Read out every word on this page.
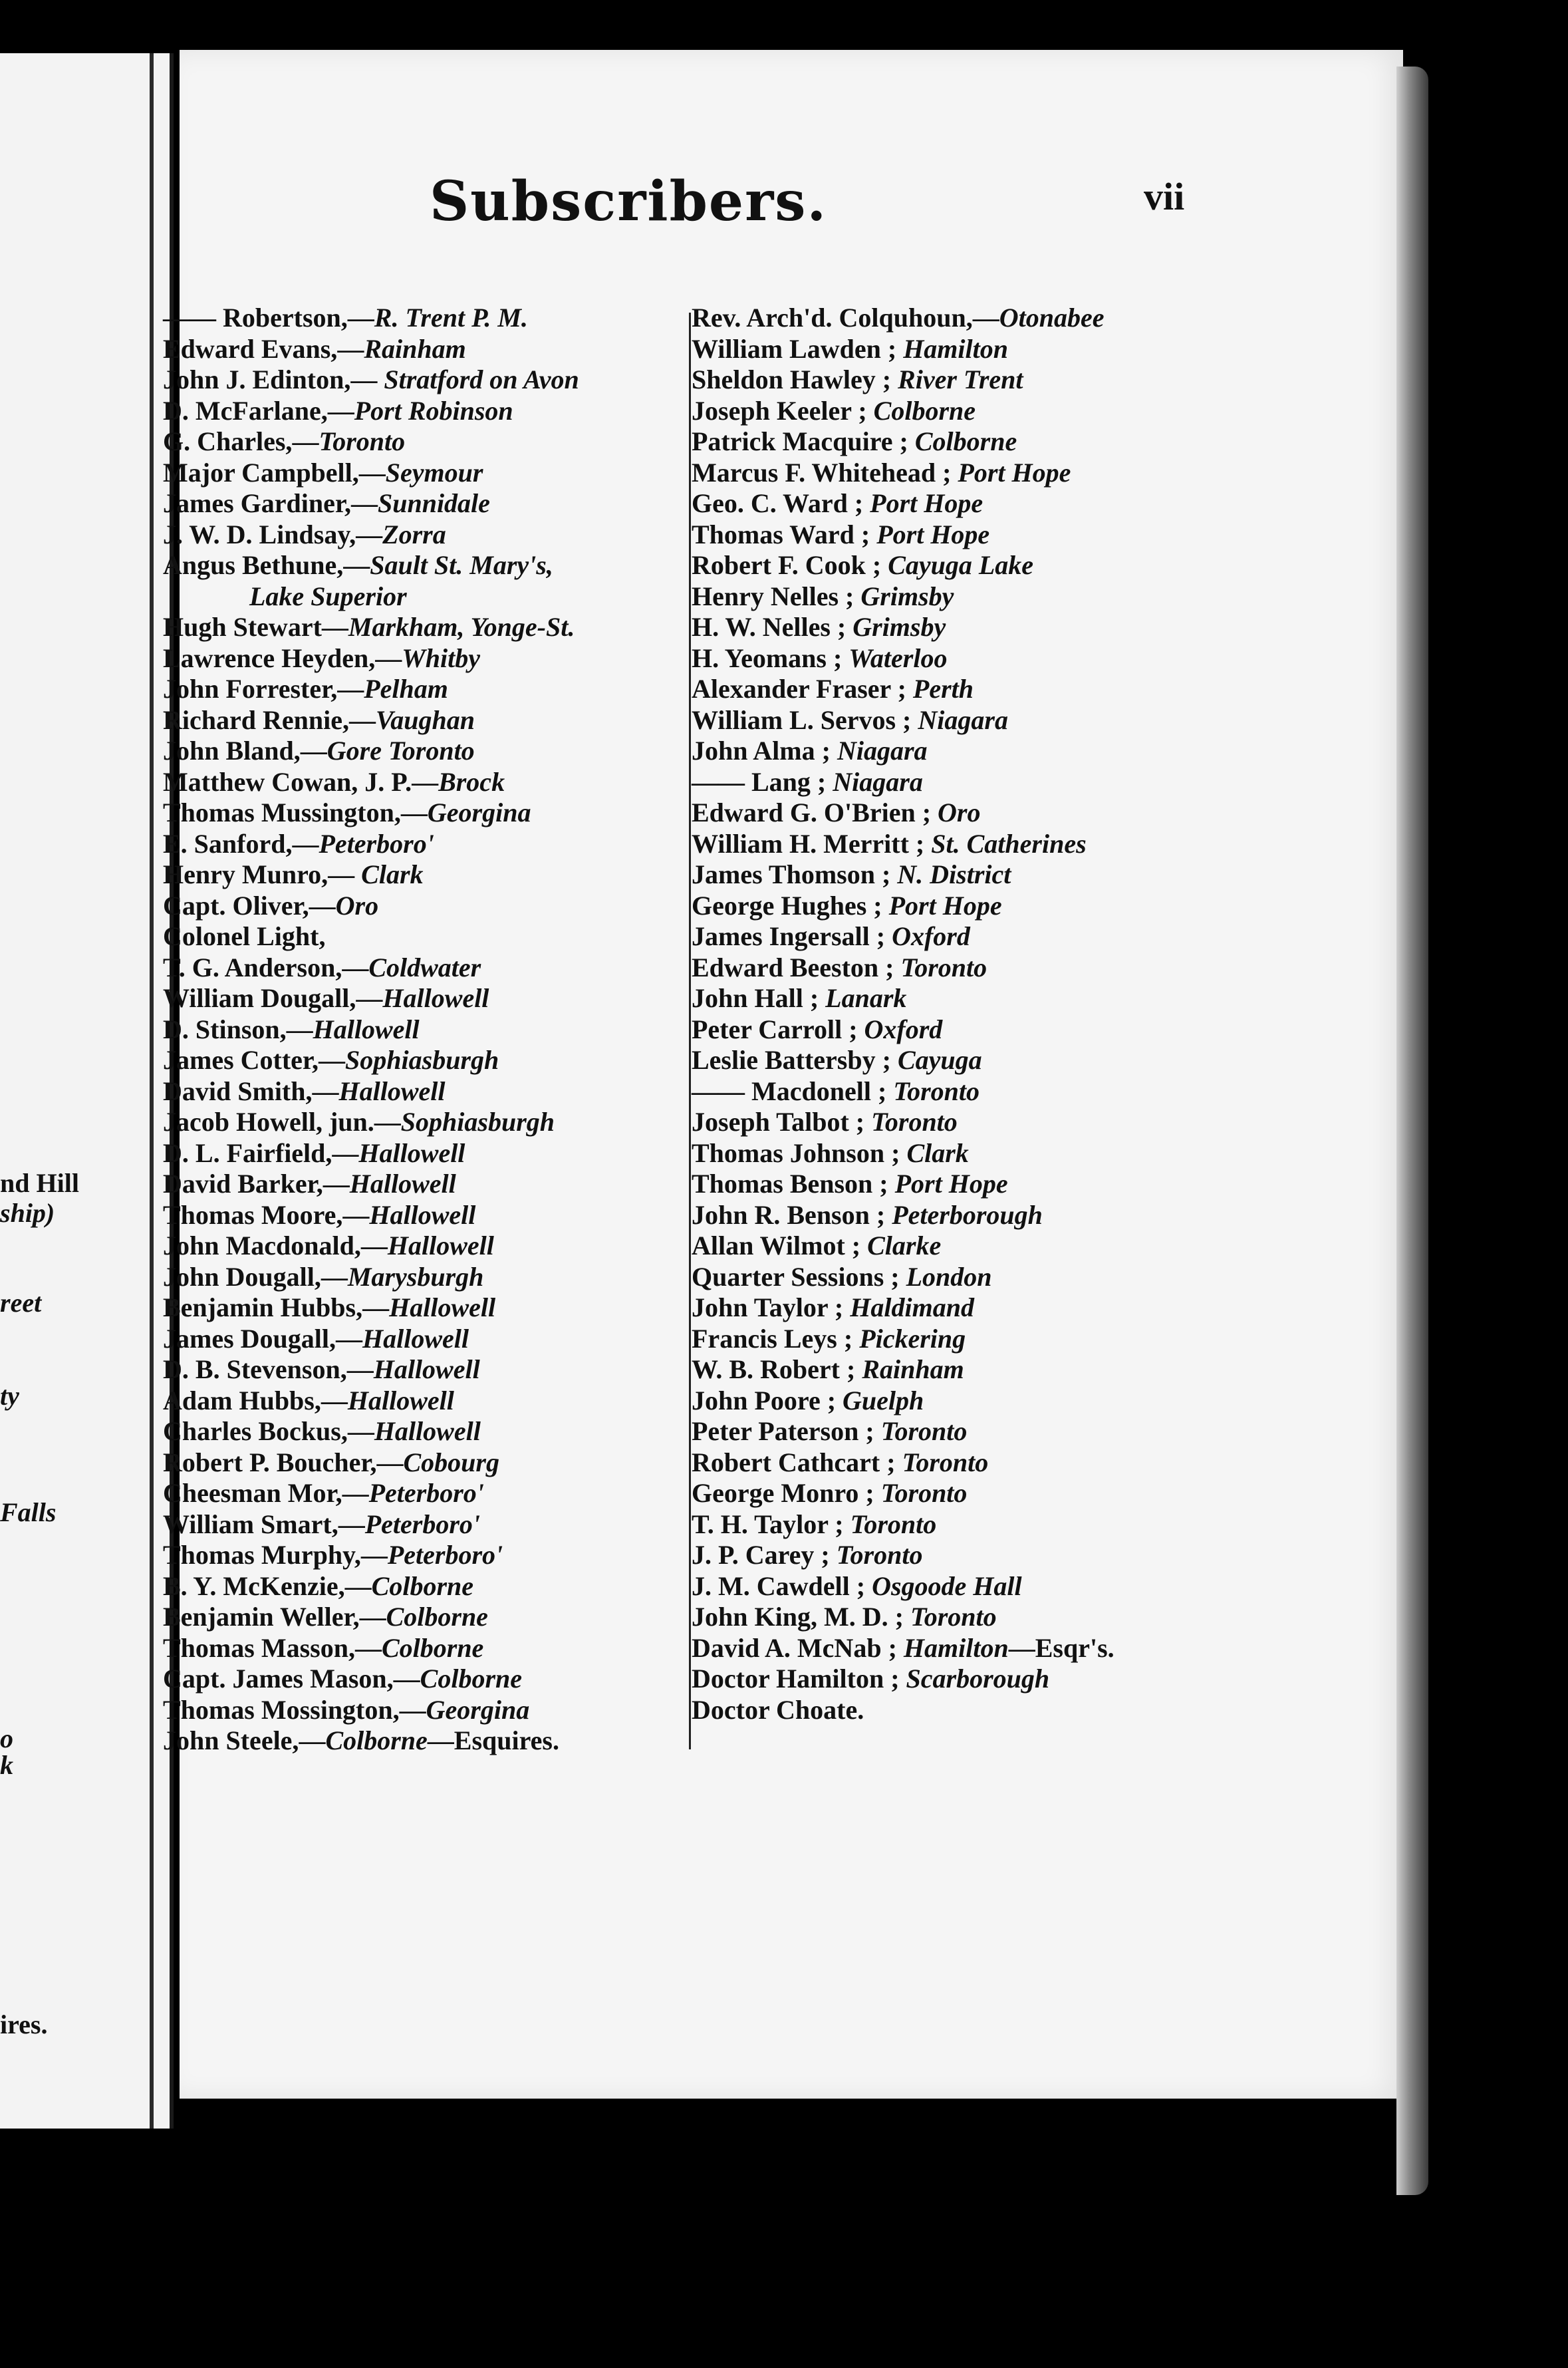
nd Hill
ship)
reet
ty
Falls
o
k
ires.
Subscribers.	vii
—— Robertson,—R. Trent P. M.
Edward Evans,—Rainham
John J. Edinton,— Stratford on Avon
D. McFarlane,—Port Robinson
G. Charles,—Toronto
Major Campbell,—Seymour
James Gardiner,—Sunnidale
J. W. D. Lindsay,—Zorra
Angus Bethune,—Sault St. Mary's,
Lake Superior
Hugh Stewart—Markham, Yonge-St.
Lawrence Heyden,—Whitby
John Forrester,—Pelham
Richard Rennie,—Vaughan
John Bland,—Gore Toronto
Matthew Cowan, J. P.—Brock
Thomas Mussington,—Georgina
E. Sanford,—Peterboro'
Henry Munro,— Clark
Capt. Oliver,—Oro
Colonel Light,
T. G. Anderson,—Coldwater
William Dougall,—Hallowell
D. Stinson,—Hallowell
James Cotter,—Sophiasburgh
David Smith,—Hallowell
Jacob Howell, jun.—Sophiasburgh
D. L. Fairfield,—Hallowell
David Barker,—Hallowell
Thomas Moore,—Hallowell
John Macdonald,—Hallowell
John Dougall,—Marysburgh
Benjamin Hubbs,—Hallowell
James Dougall,—Hallowell
D. B. Stevenson,—Hallowell
Adam Hubbs,—Hallowell
Charles Bockus,—Hallowell
Robert P. Boucher,—Cobourg
Cheesman Mor,—Peterboro'
William Smart,—Peterboro'
Thomas Murphy,—Peterboro'
B. Y. McKenzie,—Colborne
Benjamin Weller,—Colborne
Thomas Masson,—Colborne
Capt. James Mason,—Colborne
Thomas Mossington,—Georgina
John Steele,—Colborne—Esquires.
Rev. Arch'd. Colquhoun,—Otonabee
William Lawden ; Hamilton
Sheldon Hawley ; River Trent
Joseph Keeler ; Colborne
Patrick Macquire ; Colborne
Marcus F. Whitehead ; Port Hope
Geo. C. Ward ; Port Hope
Thomas Ward ; Port Hope
Robert F. Cook ; Cayuga Lake
Henry Nelles ; Grimsby
H. W. Nelles ; Grimsby
H. Yeomans ; Waterloo
Alexander Fraser ; Perth
William L. Servos ; Niagara
John Alma ; Niagara
—— Lang ; Niagara
Edward G. O'Brien ; Oro
William H. Merritt ; St. Catherines
James Thomson ; N. District
George Hughes ; Port Hope
James Ingersall ; Oxford
Edward Beeston ; Toronto
John Hall ; Lanark
Peter Carroll ; Oxford
Leslie Battersby ; Cayuga
—— Macdonell ; Toronto
Joseph Talbot ; Toronto
Thomas Johnson ; Clark
Thomas Benson ; Port Hope
John R. Benson ; Peterborough
Allan Wilmot ; Clarke
Quarter Sessions ; London
John Taylor ; Haldimand
Francis Leys ; Pickering
W. B. Robert ; Rainham
John Poore ; Guelph
Peter Paterson ; Toronto
Robert Cathcart ; Toronto
George Monro ; Toronto
T. H. Taylor ; Toronto
J. P. Carey ; Toronto
J. M. Cawdell ; Osgoode Hall
John King, M. D. ; Toronto
David A. McNab ; Hamilton—Esqr's.
Doctor Hamilton ; Scarborough
Doctor Choate.
